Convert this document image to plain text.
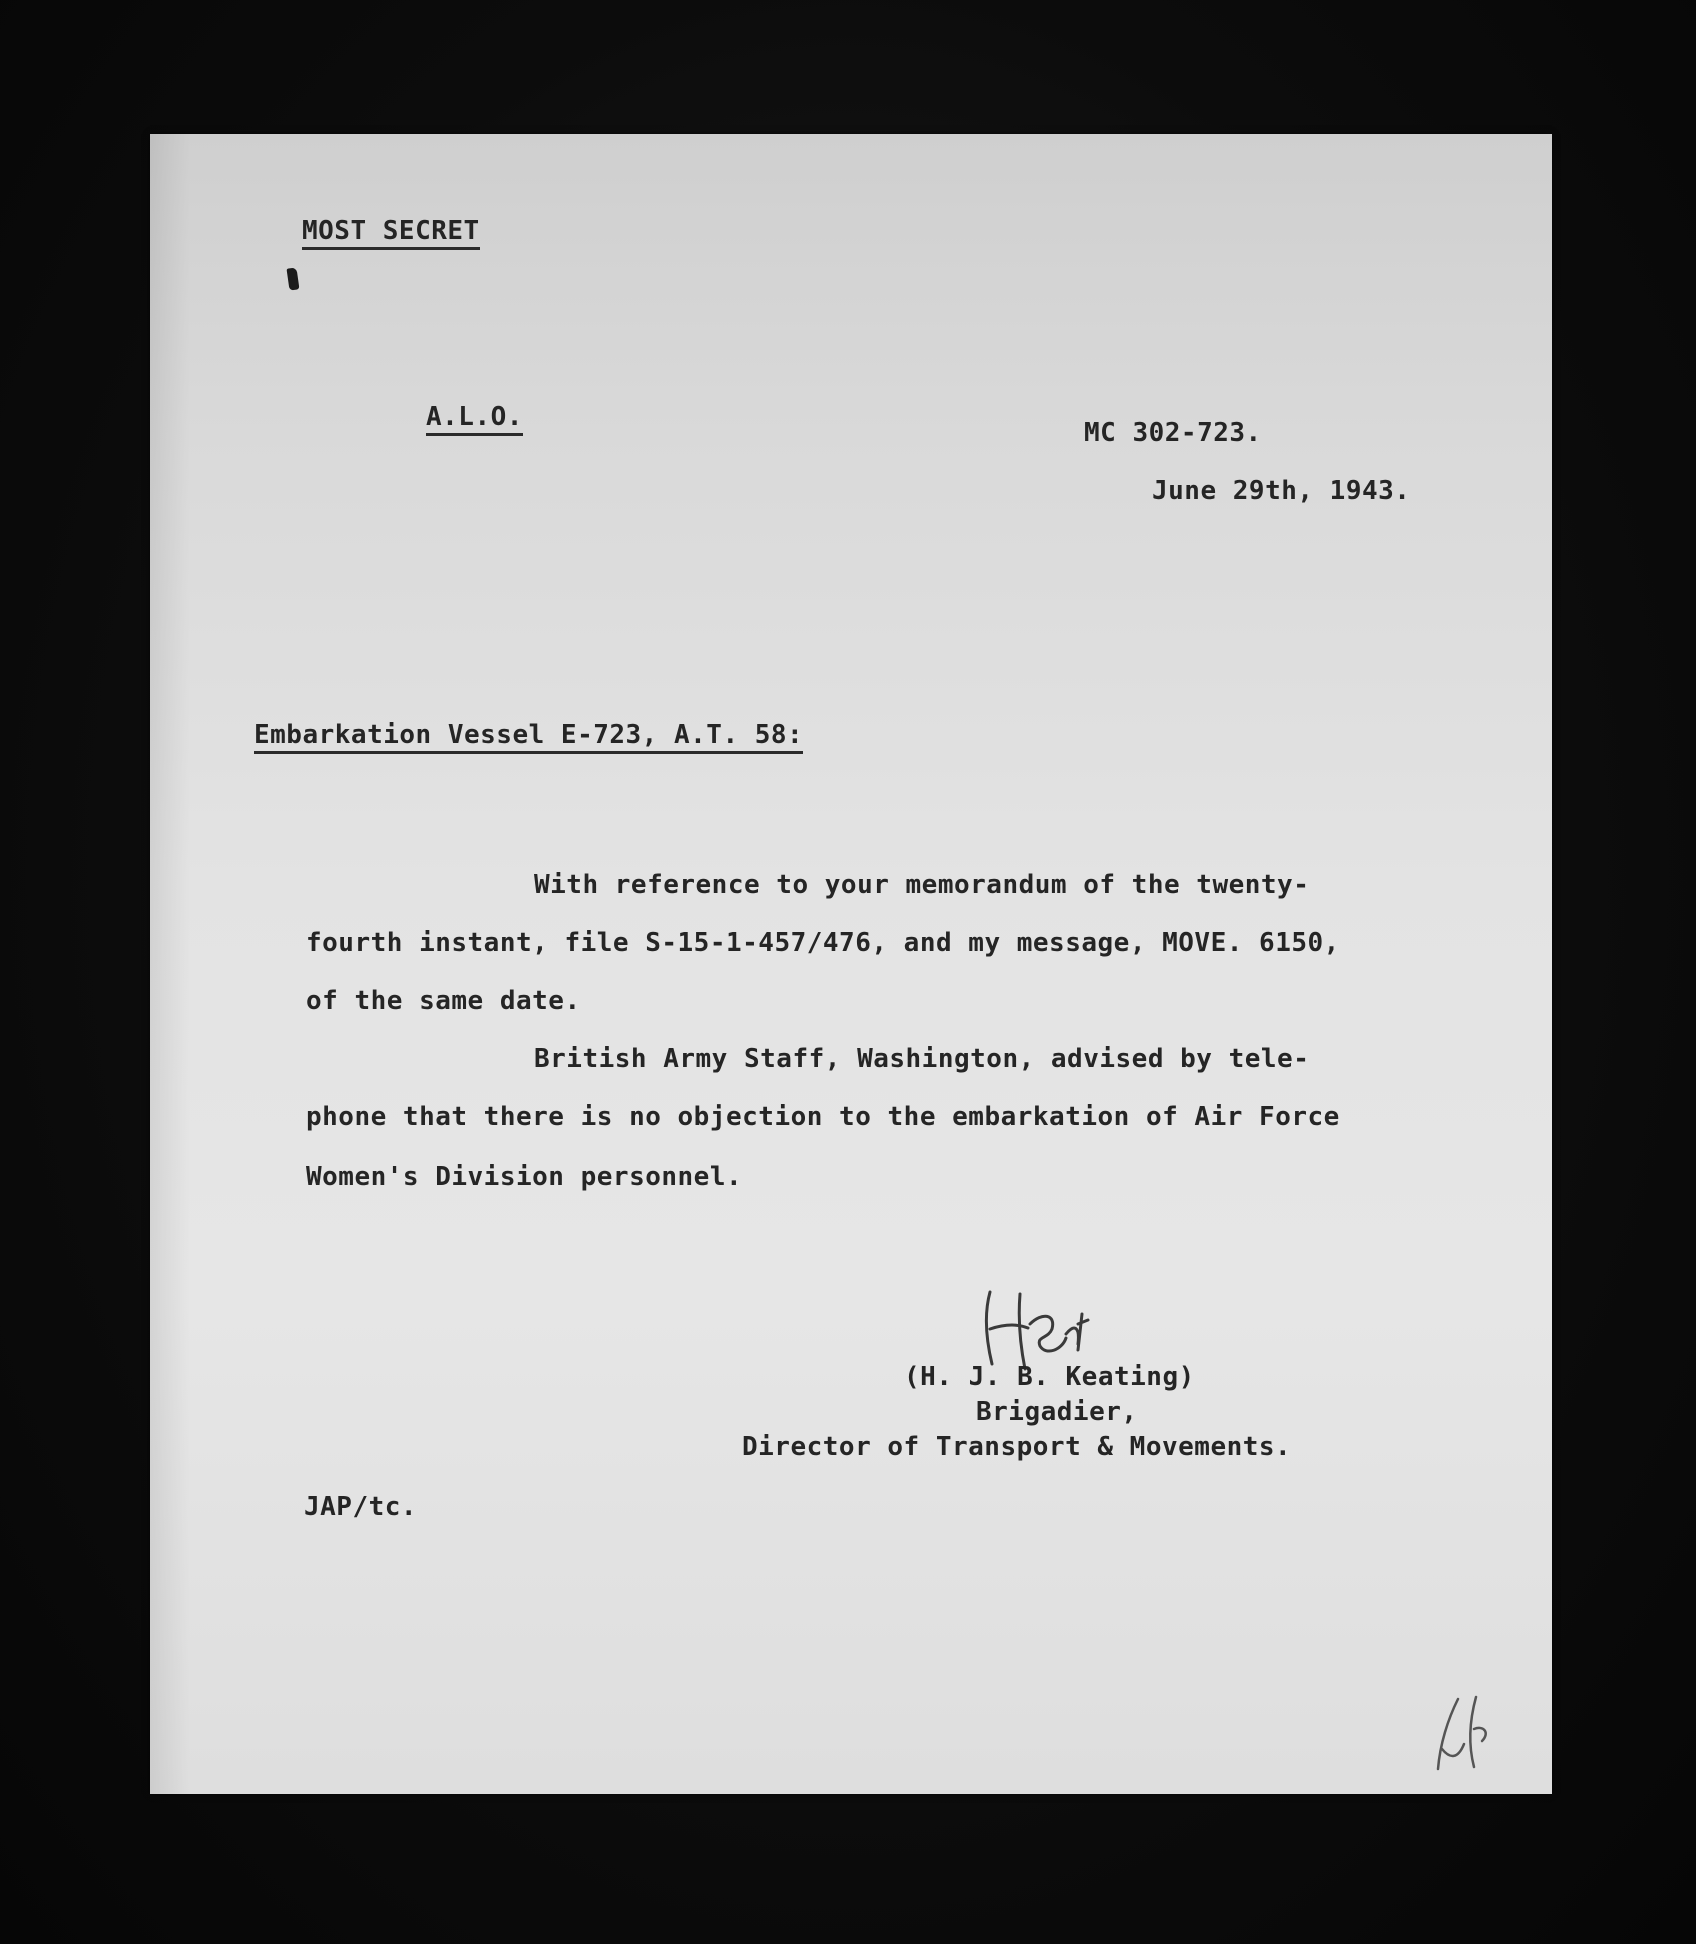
MOST SECRET
A.L.O.
MC 302-723.
June 29th, 1943.
Embarkation Vessel E-723, A.T. 58:
With reference to your memorandum of the twenty-
fourth instant, file S-15-1-457/476, and my message, MOVE. 6150,
of the same date.
British Army Staff, Washington, advised by tele-
phone that there is no objection to the embarkation of Air Force
Women's Division personnel.
(H. J. B. Keating)
Brigadier,
Director of Transport & Movements.
JAP/tc.
